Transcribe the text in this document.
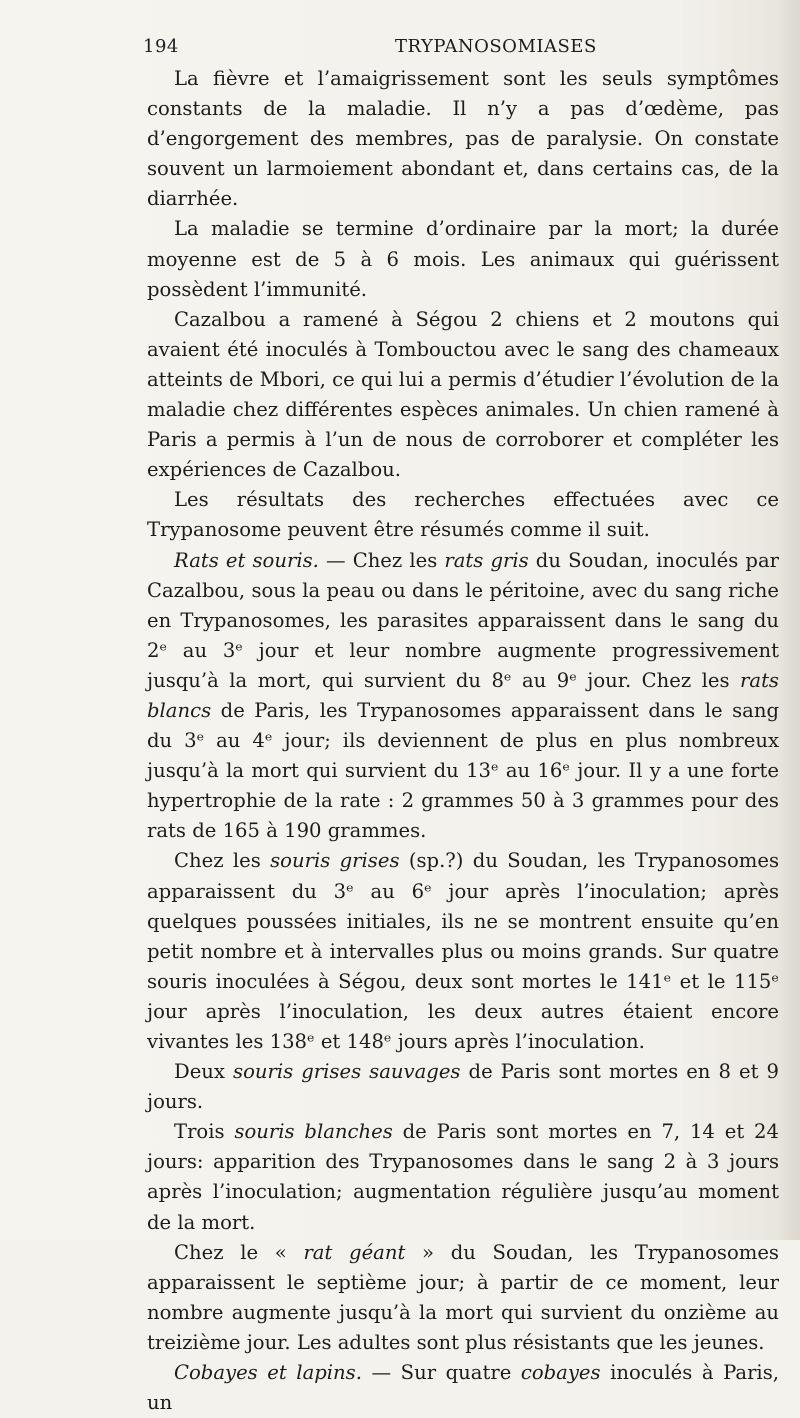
194	TRYPANOSOMIASES

La fièvre et l’amaigrissement sont les seuls symptômes constants de la maladie. Il n’y a pas d’œdème, pas d’engorgement des membres, pas de paralysie. On constate souvent un larmoiement abondant et, dans certains cas, de la diarrhée.

La maladie se termine d’ordinaire par la mort; la durée moyenne est de 5 à 6 mois. Les animaux qui guérissent possèdent l’immunité.

Cazalbou a ramené à Ségou 2 chiens et 2 moutons qui avaient été inoculés à Tombouctou avec le sang des chameaux atteints de Mbori, ce qui lui a permis d’étudier l’évolution de la maladie chez différentes espèces animales. Un chien ramené à Paris a permis à l’un de nous de corroborer et compléter les expériences de Cazalbou.

Les résultats des recherches effectuées avec ce Trypanosome peuvent être résumés comme il suit.

Rats et souris. — Chez les rats gris du Soudan, inoculés par Cazalbou, sous la peau ou dans le péritoine, avec du sang riche en Trypanosomes, les parasites apparaissent dans le sang du 2ᵉ au 3ᵉ jour et leur nombre augmente progressivement jusqu’à la mort, qui survient du 8ᵉ au 9ᵉ jour. Chez les rats blancs de Paris, les Trypanosomes apparaissent dans le sang du 3ᵉ au 4ᵉ jour; ils deviennent de plus en plus nombreux jusqu’à la mort qui survient du 13ᵉ au 16ᵉ jour. Il y a une forte hypertrophie de la rate : 2 grammes 50 à 3 grammes pour des rats de 165 à 190 grammes.

Chez les souris grises (sp.?) du Soudan, les Trypanosomes apparaissent du 3ᵉ au 6ᵉ jour après l’inoculation; après quelques poussées initiales, ils ne se montrent ensuite qu’en petit nombre et à intervalles plus ou moins grands. Sur quatre souris inoculées à Ségou, deux sont mortes le 141ᵉ et le 115ᵉ jour après l’inoculation, les deux autres étaient encore vivantes les 138ᵉ et 148ᵉ jours après l’inoculation.

Deux souris grises sauvages de Paris sont mortes en 8 et 9 jours.

Trois souris blanches de Paris sont mortes en 7, 14 et 24 jours: apparition des Trypanosomes dans le sang 2 à 3 jours après l’inoculation; augmentation régulière jusqu’au moment de la mort.

Chez le « rat géant » du Soudan, les Trypanosomes apparaissent le septième jour; à partir de ce moment, leur nombre augmente jusqu’à la mort qui survient du onzième au treizième jour. Les adultes sont plus résistants que les jeunes.

Cobayes et lapins. — Sur quatre cobayes inoculés à Paris, un
